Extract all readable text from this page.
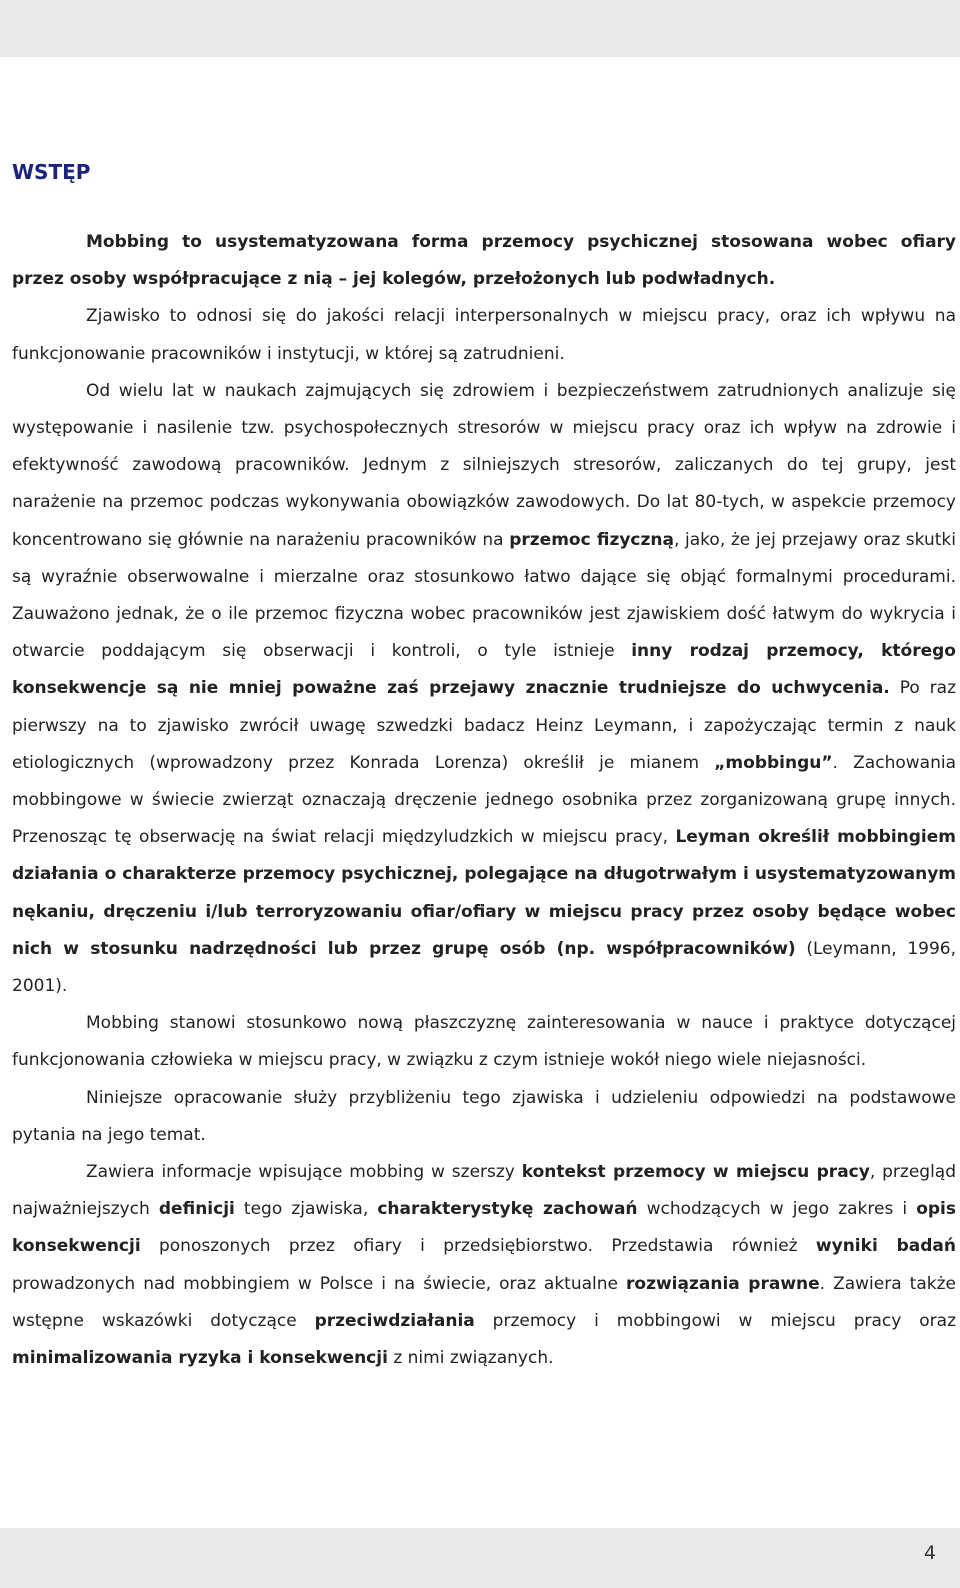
WSTĘP

Mobbing to usystematyzowana forma przemocy psychicznej stosowana wobec ofiary przez osoby współpracujące z nią – jej kolegów, przełożonych lub podwładnych.

Zjawisko to odnosi się do jakości relacji interpersonalnych w miejscu pracy, oraz ich wpływu na funkcjonowanie pracowników i instytucji, w której są zatrudnieni.

Od wielu lat w naukach zajmujących się zdrowiem i bezpieczeństwem zatrudnionych analizuje się występowanie i nasilenie tzw. psychospołecznych stresorów w miejscu pracy oraz ich wpływ na zdrowie i efektywność zawodową pracowników. Jednym z silniejszych stresorów, zaliczanych do tej grupy, jest narażenie na przemoc podczas wykonywania obowiązków zawodowych. Do lat 80-tych, w aspekcie przemocy koncentrowano się głównie na narażeniu pracowników na przemoc fizyczną, jako, że jej przejawy oraz skutki są wyraźnie obserwowalne i mierzalne oraz stosunkowo łatwo dające się objąć formalnymi procedurami. Zauważono jednak, że o ile przemoc fizyczna wobec pracowników jest zjawiskiem dość łatwym do wykrycia i otwarcie poddającym się obserwacji i kontroli, o tyle istnieje inny rodzaj przemocy, którego konsekwencje są nie mniej poważne zaś przejawy znacznie trudniejsze do uchwycenia. Po raz pierwszy na to zjawisko zwrócił uwagę szwedzki badacz Heinz Leymann, i zapożyczając termin z nauk etiologicznych (wprowadzony przez Konrada Lorenza) określił je mianem „mobbingu”. Zachowania mobbingowe w świecie zwierząt oznaczają dręczenie jednego osobnika przez zorganizowaną grupę innych. Przenosząc tę obserwację na świat relacji międzyludzkich w miejscu pracy, Leyman określił mobbingiem działania o charakterze przemocy psychicznej, polegające na długotrwałym i usystematyzowanym nękaniu, dręczeniu i/lub terroryzowaniu ofiar/ofiary w miejscu pracy przez osoby będące wobec nich w stosunku nadrzędności lub przez grupę osób (np. współpracowników) (Leymann, 1996, 2001).

Mobbing stanowi stosunkowo nową płaszczyznę zainteresowania w nauce i praktyce dotyczącej funkcjonowania człowieka w miejscu pracy, w związku z czym istnieje wokół niego wiele niejasności.

Niniejsze opracowanie służy przybliżeniu tego zjawiska i udzieleniu odpowiedzi na podstawowe pytania na jego temat.

Zawiera informacje wpisujące mobbing w szerszy kontekst przemocy w miejscu pracy, przegląd najważniejszych definicji tego zjawiska, charakterystykę zachowań wchodzących w jego zakres i opis konsekwencji ponoszonych przez ofiary i przedsiębiorstwo. Przedstawia również wyniki badań prowadzonych nad mobbingiem w Polsce i na świecie, oraz aktualne rozwiązania prawne. Zawiera także wstępne wskazówki dotyczące przeciwdziałania przemocy i mobbingowi w miejscu pracy oraz minimalizowania ryzyka i konsekwencji z nimi związanych.

4
